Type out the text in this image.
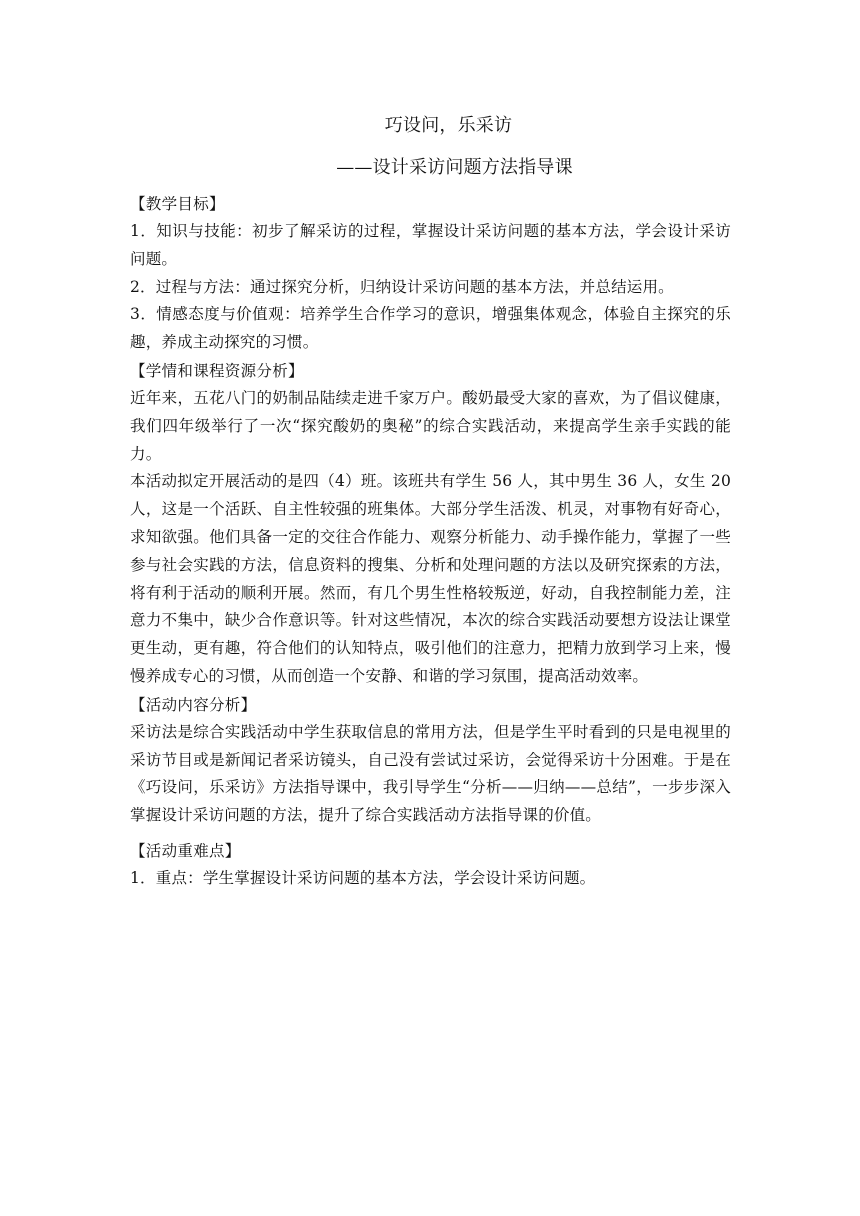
巧设问，乐采访
——设计采访问题方法指导课
【教学目标】
1．知识与技能：初步了解采访的过程，掌握设计采访问题的基本方法，学会设计采访问题。
2．过程与方法：通过探究分析，归纳设计采访问题的基本方法，并总结运用。
3．情感态度与价值观：培养学生合作学习的意识，增强集体观念，体验自主探究的乐趣，养成主动探究的习惯。
【学情和课程资源分析】
近年来，五花八门的奶制品陆续走进千家万户。酸奶最受大家的喜欢，为了倡议健康，我们四年级举行了一次“探究酸奶的奥秘”的综合实践活动，来提高学生亲手实践的能力。
本活动拟定开展活动的是四（4）班。该班共有学生 56 人，其中男生 36 人，女生 20 人，这是一个活跃、自主性较强的班集体。大部分学生活泼、机灵，对事物有好奇心，求知欲强。他们具备一定的交往合作能力、观察分析能力、动手操作能力，掌握了一些参与社会实践的方法，信息资料的搜集、分析和处理问题的方法以及研究探索的方法，将有利于活动的顺利开展。然而，有几个男生性格较叛逆，好动，自我控制能力差，注意力不集中，缺少合作意识等。针对这些情况，本次的综合实践活动要想方设法让课堂更生动，更有趣，符合他们的认知特点，吸引他们的注意力，把精力放到学习上来，慢慢养成专心的习惯，从而创造一个安静、和谐的学习氛围，提高活动效率。
【活动内容分析】
采访法是综合实践活动中学生获取信息的常用方法，但是学生平时看到的只是电视里的采访节目或是新闻记者采访镜头，自己没有尝试过采访，会觉得采访十分困难。于是在《巧设问，乐采访》方法指导课中，我引导学生“分析——归纳——总结”，一步步深入掌握设计采访问题的方法，提升了综合实践活动方法指导课的价值。
【活动重难点】
1．重点：学生掌握设计采访问题的基本方法，学会设计采访问题。
